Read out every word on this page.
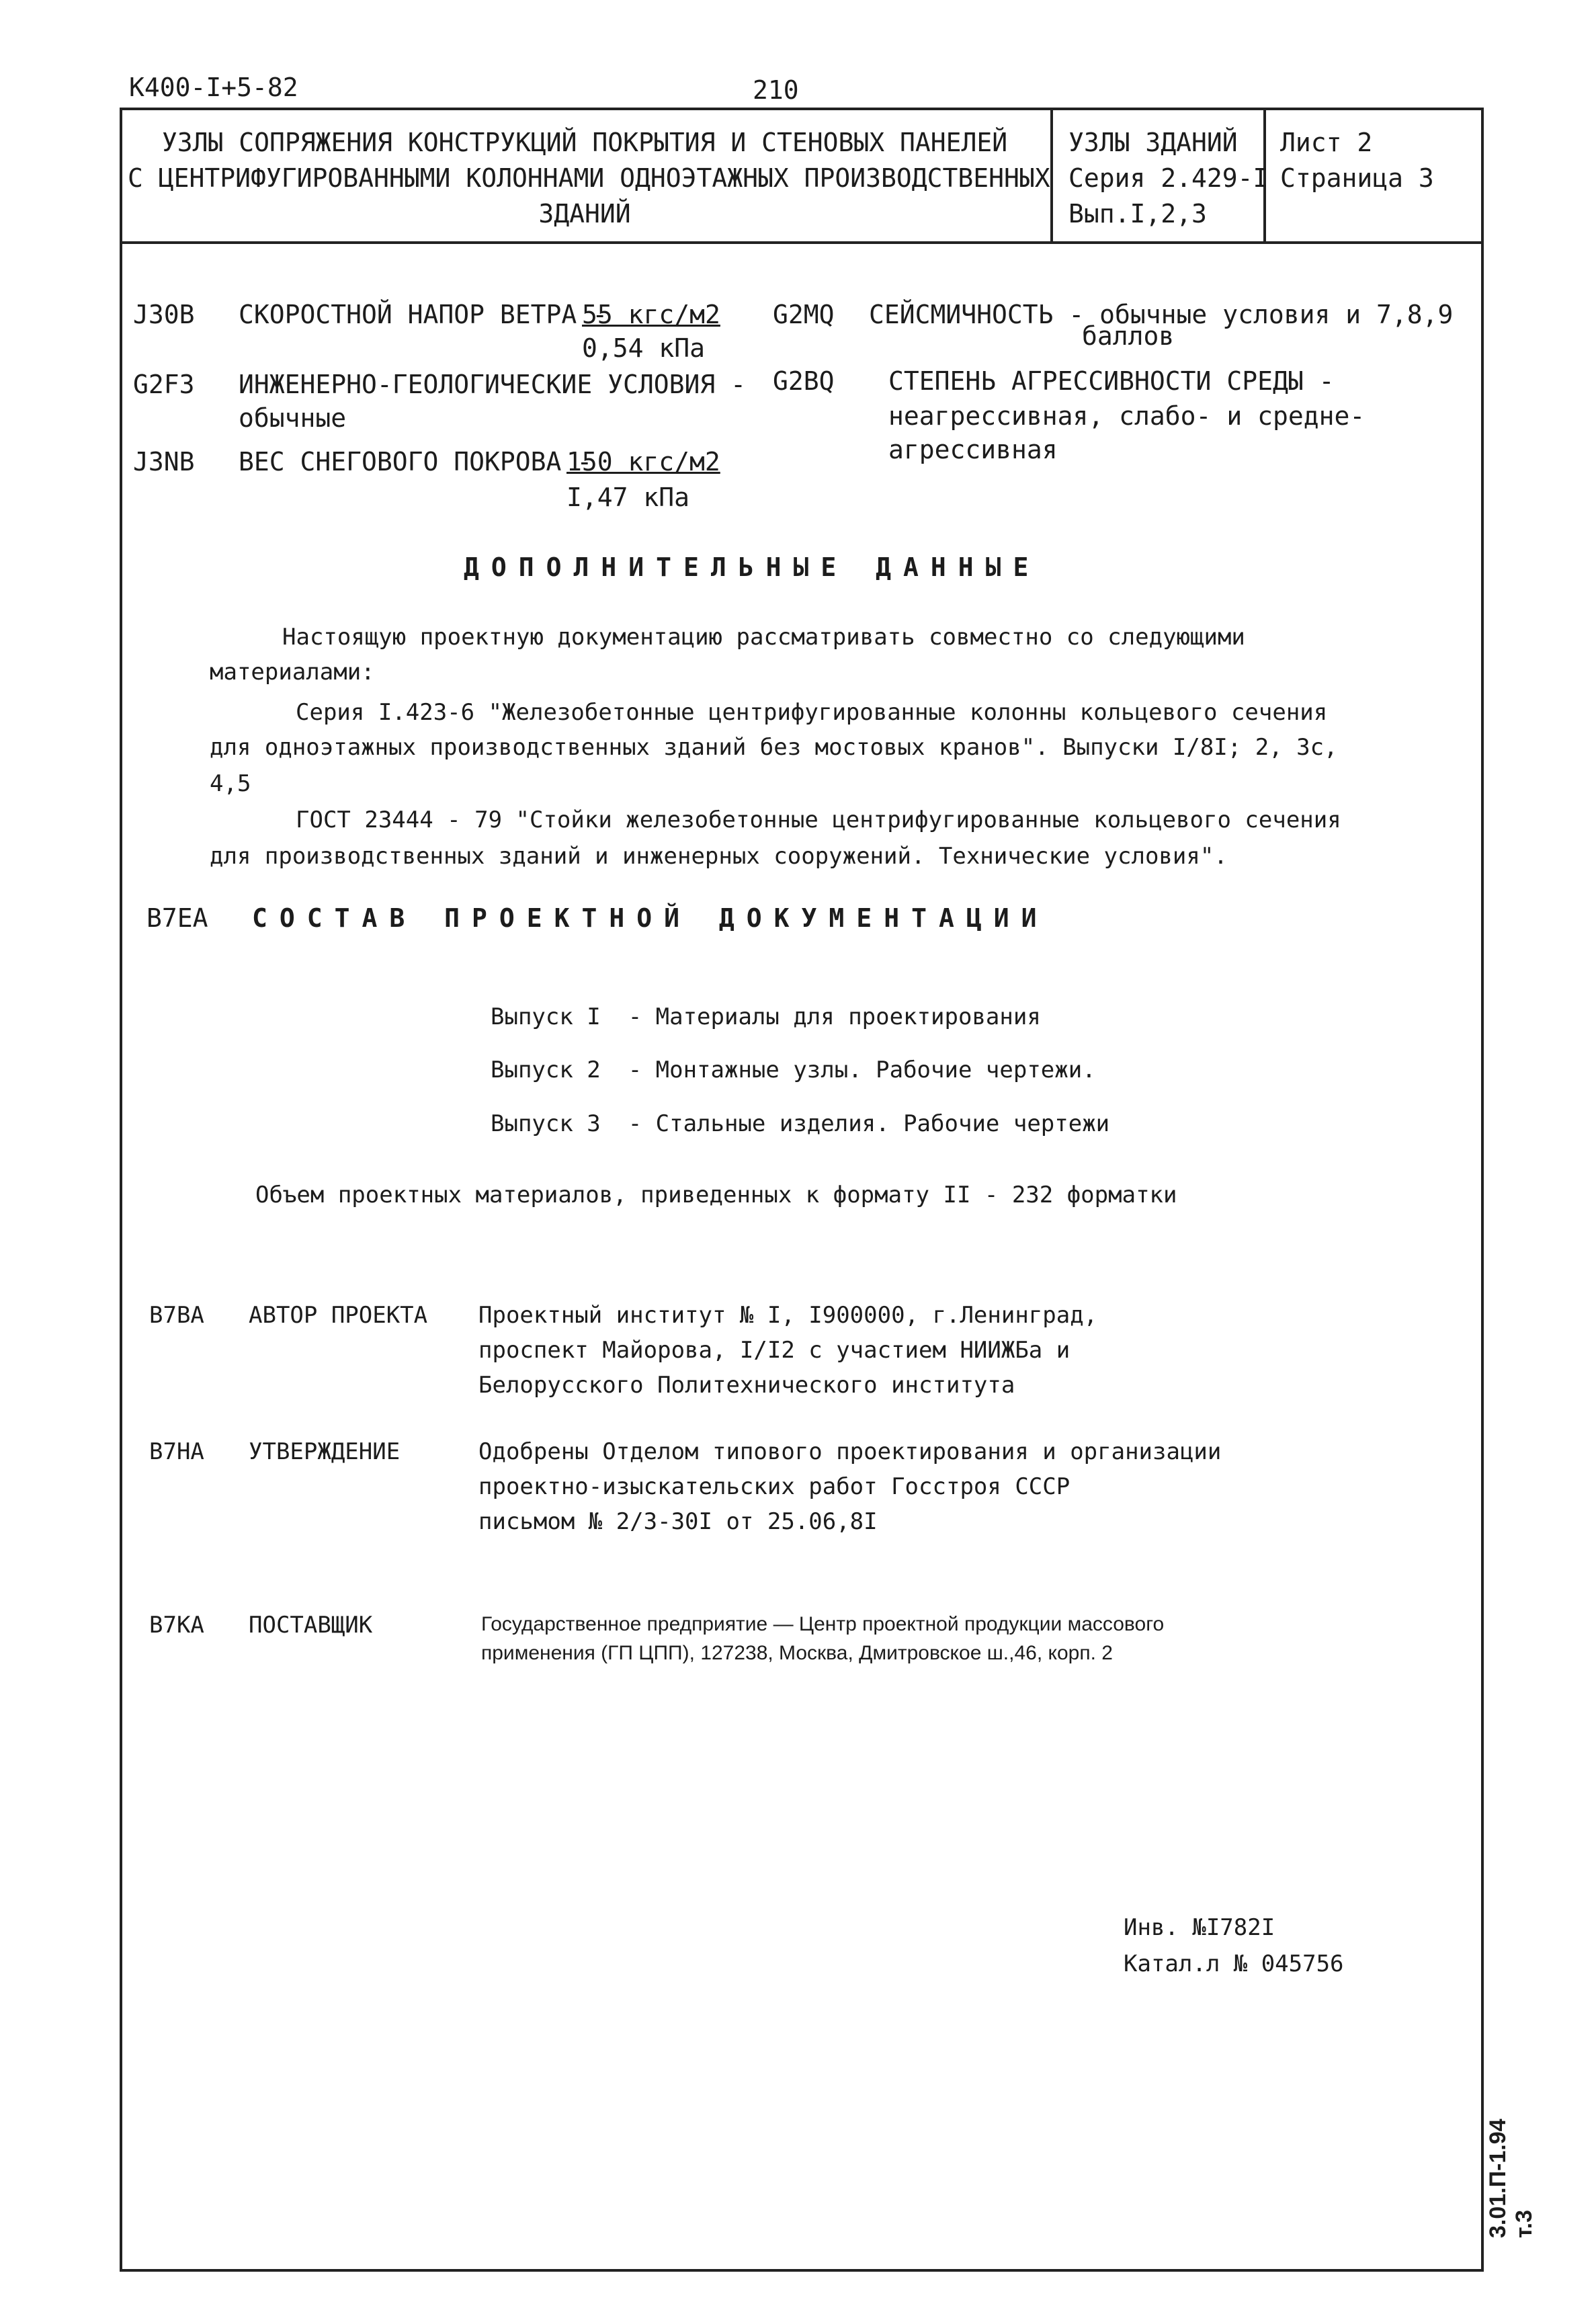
К400-І+5-82	210
УЗЛЫ СОПРЯЖЕНИЯ КОНСТРУКЦИЙ ПОКРЫТИЯ И СТЕНОВЫХ ПАНЕЛЕЙ
С ЦЕНТРИФУГИРОВАННЫМИ КОЛОННАМИ ОДНОЭТАЖНЫХ ПРОИЗВОДСТВЕННЫХ
ЗДАНИЙ
УЗЛЫ ЗДАНИЙ
Серия 2.429-І
Вып.І,2,3
Лист 2
Страница 3
J30B СКОРОСТНОЙ НАПОР ВЕТРА -
55 кгс/м2
0,54 кПа
G2F3 ИНЖЕНЕРНО-ГЕОЛОГИЧЕСКИЕ УСЛОВИЯ -
обычные
J3NB ВЕС СНЕГОВОГО ПОКРОВА -
150 кгс/м2
І,47 кПа
G2MQ СЕЙСМИЧНОСТЬ - обычные условия и 7,8,9
баллов
G2BQ СТЕПЕНЬ АГРЕССИВНОСТИ СРЕДЫ -
неагрессивная, слабо- и средне-
агрессивная
ДОПОЛНИТЕЛЬНЫЕ ДАННЫЕ
Настоящую проектную документацию рассматривать совместно со следующими
материалами:
Серия І.423-6 "Железобетонные центрифугированные колонны кольцевого сечения
для одноэтажных производственных зданий без мостовых кранов". Выпуски І/8І; 2, 3с,
4,5
ГОСТ 23444 - 79 "Стойки железобетонные центрифугированные кольцевого сечения
для производственных зданий и инженерных сооружений. Технические условия".
B7EA СОСТАВ ПРОЕКТНОЙ ДОКУМЕНТАЦИИ
Выпуск І  - Материалы для проектирования
Выпуск 2  - Монтажные узлы. Рабочие чертежи.
Выпуск 3  - Стальные изделия. Рабочие чертежи
Объем проектных материалов, приведенных к формату ІІ - 232 форматки
B7BA АВТОР ПРОЕКТА Проектный институт № І, І900000, г.Ленинград,
проспект Майорова, І/І2 с участием НИИЖБа и
Белорусского Политехнического института
B7HA УТВЕРЖДЕНИЕ	Одобрены Отделом типового проектирования и организации
проектно-изыскательских работ Госстроя СССР
письмом № 2/3-30І от 25.06,8І
B7KA ПОСТАВЩИК	Государственное предприятие — Центр проектной продукции массового
применения (ГП ЦПП), 127238, Москва, Дмитровское ш.,46, корп. 2
Инв. №І782І
Катал.л № 045756
3.01.П-1.94 т.3
